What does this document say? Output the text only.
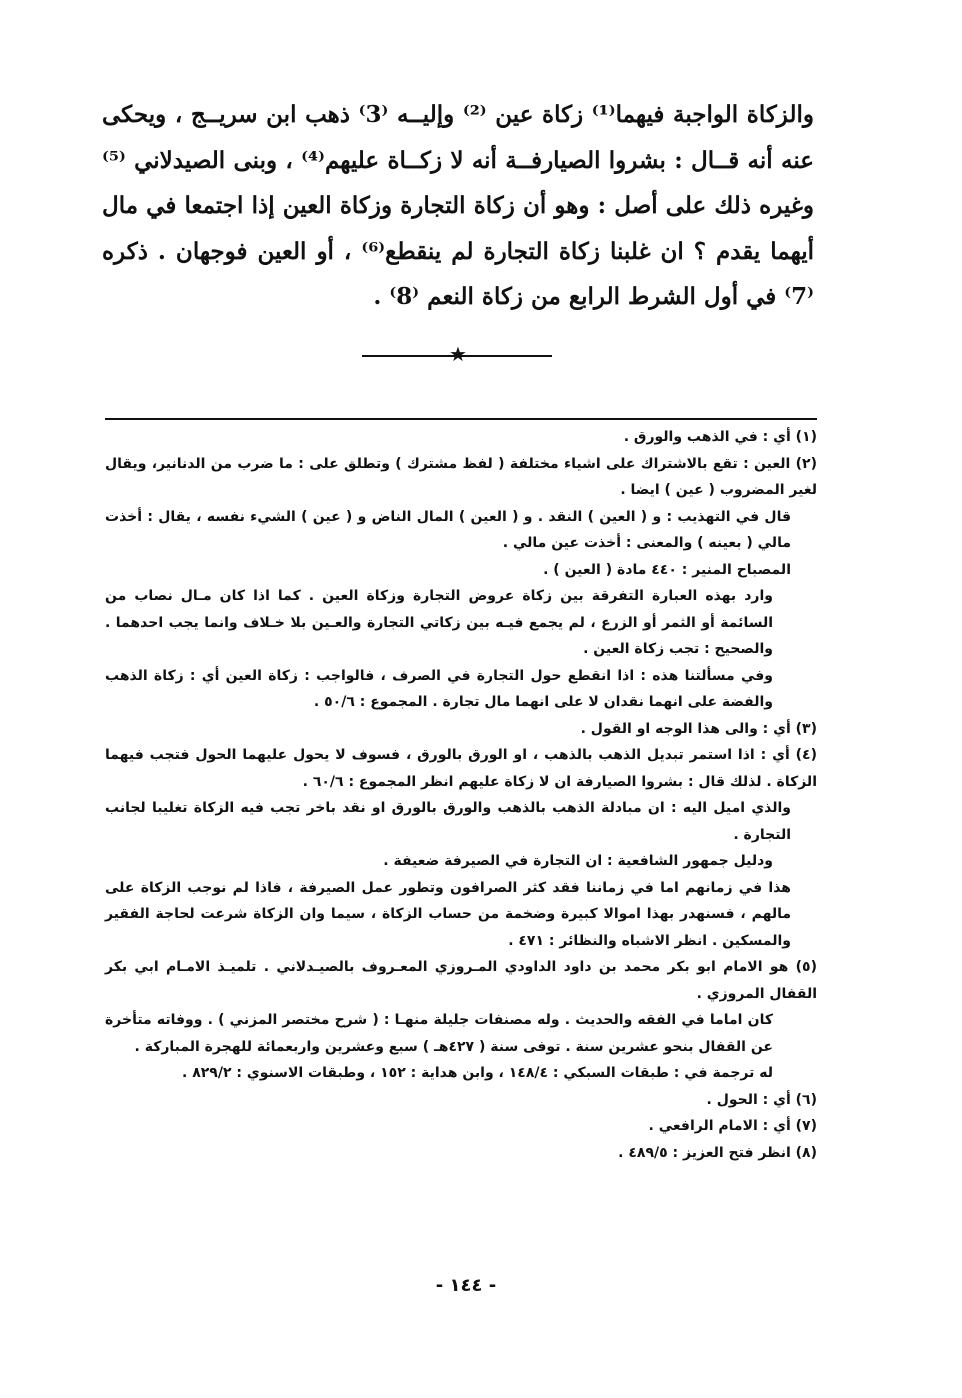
والزكاة الواجبة فيهما⁽¹⁾ زكاة عين ⁽²⁾ وإليــه ⁽3⁾ ذهب ابن سريــج ، ويحكى عنه أنه قــال : بشروا الصيارفــة أنه لا زكــاة عليهم⁽⁴⁾ ، وبنى الصيدلاني ⁽⁵⁾ وغيره ذلك على أصل : وهو أن زكاة التجارة وزكاة العين إذا اجتمعا في مال أيهما يقدم ؟ ان غلبنا زكاة التجارة لم ينقطع⁽⁶⁾ ، أو العين فوجهان . ذكره ⁽7⁾ في أول الشرط الرابع من زكاة النعم ⁽8⁾ .

★

(١) أي : في الذهب والورق .

(٢) العين : تقع بالاشتراك على اشياء مختلفة ( لفظ مشترك ) وتطلق على : ما ضرب من الدنانير، ويقال لغير المضروب ( عين ) ايضا .

قال في التهذيب : و ( العين ) النقد . و ( العين ) المال الناض و ( عين ) الشيء نفسه ، يقال : أخذت مالي ( بعينه ) والمعنى : أخذت عين مالي .

المصباح المنير : ٤٤٠ مادة ( العين ) .

وارد بهذه العبارة التفرقة بين زكاة عروض التجارة وزكاة العين . كما اذا كان مـال نصاب من السائمة أو الثمر أو الزرع ، لم يجمع فيـه بين زكاتي التجارة والعـين بلا خـلاف وانما يجب احدهما . والصحيح : تجب زكاة العين .

وفي مسألتنا هذه : اذا انقطع حول التجارة في الصرف ، فالواجب : زكاة العين أي : زكاة الذهب والفضة على انهما نقدان لا على انهما مال تجارة . المجموع : ٥٠/٦ .

(٣) أي : والى هذا الوجه او القول .

(٤) أي : اذا استمر تبديل الذهب بالذهب ، او الورق بالورق ، فسوف لا يحول عليهما الحول فتجب فيهما الزكاة . لذلك قال : بشروا الصيارفة ان لا زكاة عليهم انظر المجموع : ٦٠/٦ .

والذي اميل اليه : ان مبادلة الذهب بالذهب والورق بالورق او نقد باخر تجب فيه الزكاة تغليبا لجانب التجارة .

ودليل جمهور الشافعية : ان التجارة في الصيرفة ضعيفة .

هذا في زمانهم اما في زماننا فقد كثر الصرافون وتطور عمل الصيرفة ، فاذا لم نوجب الزكاة على مالهم ، فسنهدر بهذا اموالا كبيرة وضخمة من حساب الزكاة ، سيما وان الزكاة شرعت لحاجة الفقير والمسكين . انظر الاشباه والنظائر : ٤٧١ .

(٥) هو الامام ابو بكر محمد بن داود الداودي المـروزي المعـروف بالصيـدلاني . تلميـذ الامـام ابي بكر القفال المروزي .

كان اماما في الفقه والحديث . وله مصنفات جليلة منهـا : ( شرح مختصر المزني ) . ووفاته متأخرة عن القفال بنحو عشرين سنة . توفى سنة ( ٤٢٧هـ ) سبع وعشرين واربعمائة للهجرة المباركة .

له ترجمة في : طبقات السبكي : ١٤٨/٤ ، وابن هداية : ١٥٢ ، وطبقات الاسنوي : ٨٢٩/٢ .

(٦) أي : الحول .

(٧) أي : الامام الرافعي .

(٨) انظر فتح العزيز : ٤٨٩/٥ .

- ١٤٤ -
